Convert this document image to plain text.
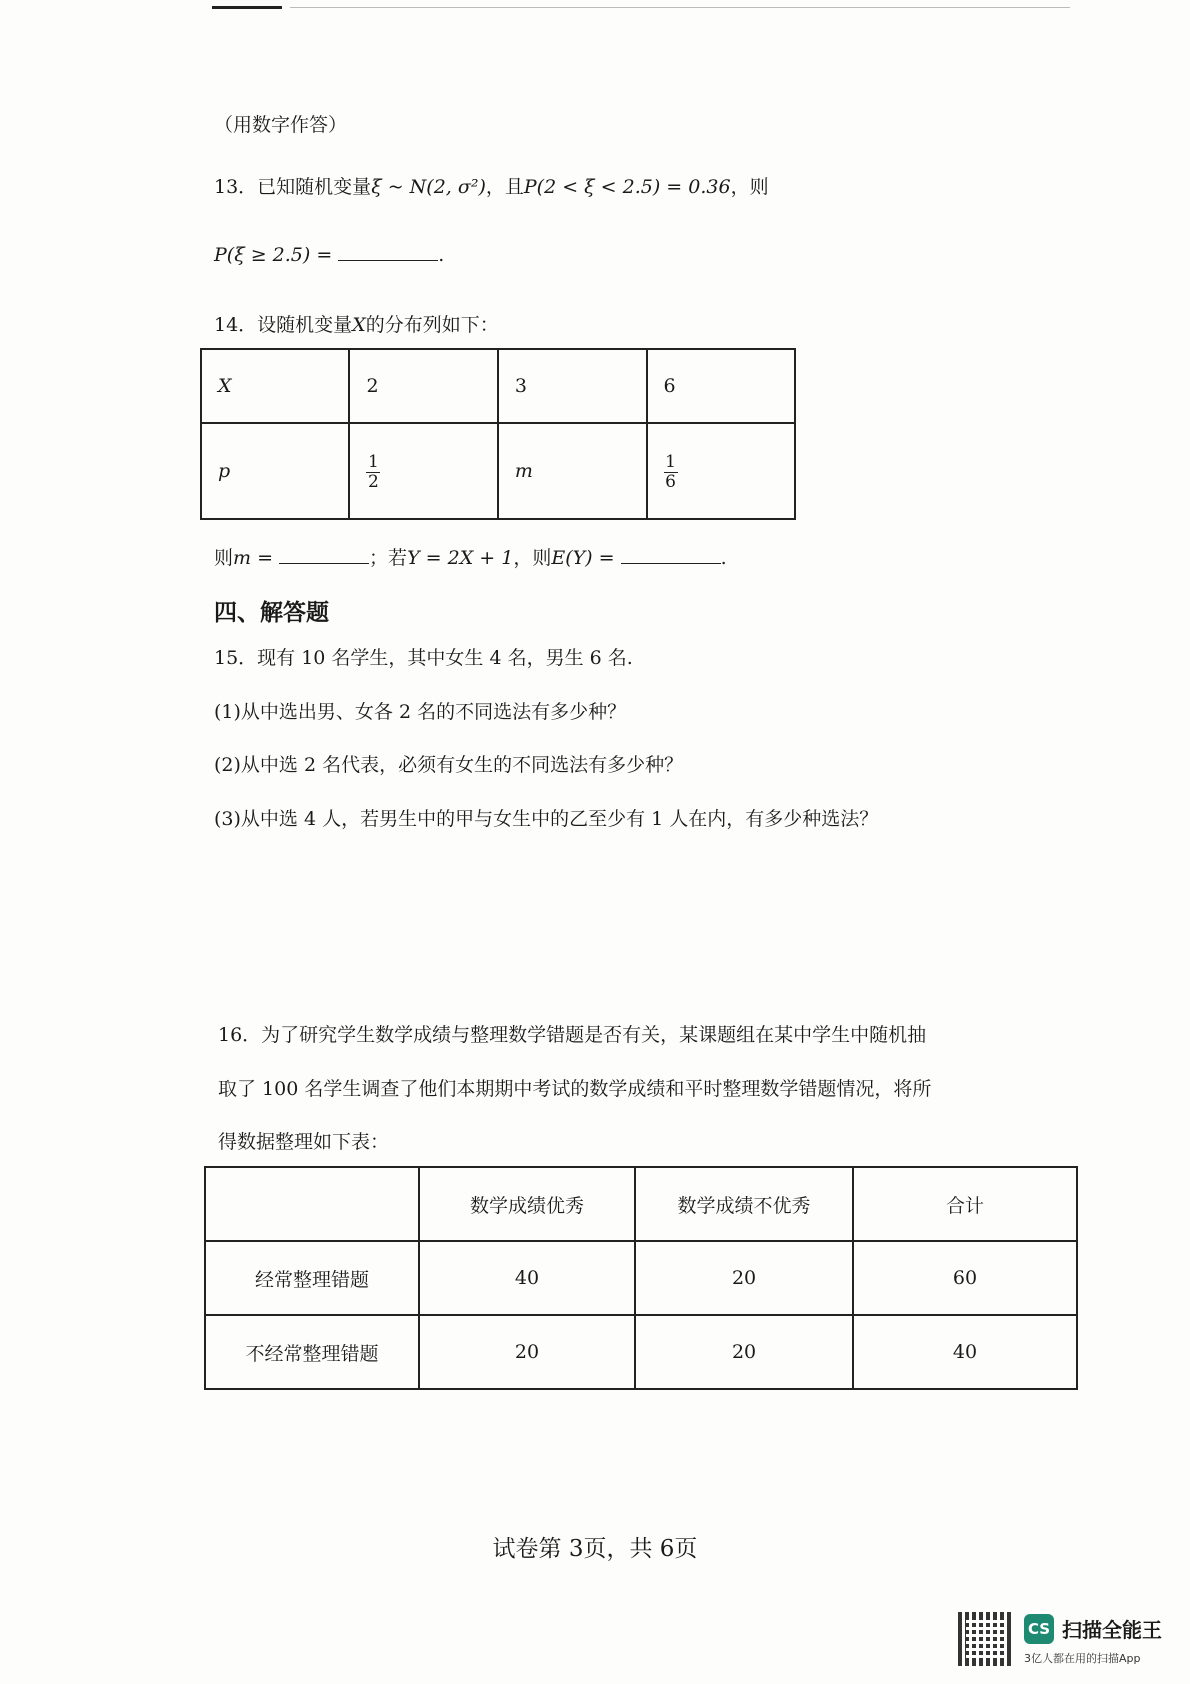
（用数字作答）
13．已知随机变量ξ ~ N(2, σ²)，且P(2 < ξ < 2.5) = 0.36，则
P(ξ ≥ 2.5) =	.
14．设随机变量X的分布列如下：
X	2	3	6
p	$\frac{1}{2}$	m	$\frac{1}{6}$
则m =	；若Y = 2X + 1，则E(Y) =	.
四、解答题
15．现有 10 名学生，其中女生 4 名，男生 6 名.
(1)从中选出男、女各 2 名的不同选法有多少种？
(2)从中选 2 名代表，必须有女生的不同选法有多少种？
(3)从中选 4 人，若男生中的甲与女生中的乙至少有 1 人在内，有多少种选法？
16．为了研究学生数学成绩与整理数学错题是否有关，某课题组在某中学生中随机抽
取了 100 名学生调查了他们本期期中考试的数学成绩和平时整理数学错题情况，将所
得数据整理如下表：
	数学成绩优秀	数学成绩不优秀	合计
经常整理错题	40	20	60
不经常整理错题	20	20	40
试卷第 3页，共 6页
CS 扫描全能王
3亿人都在用的扫描App
